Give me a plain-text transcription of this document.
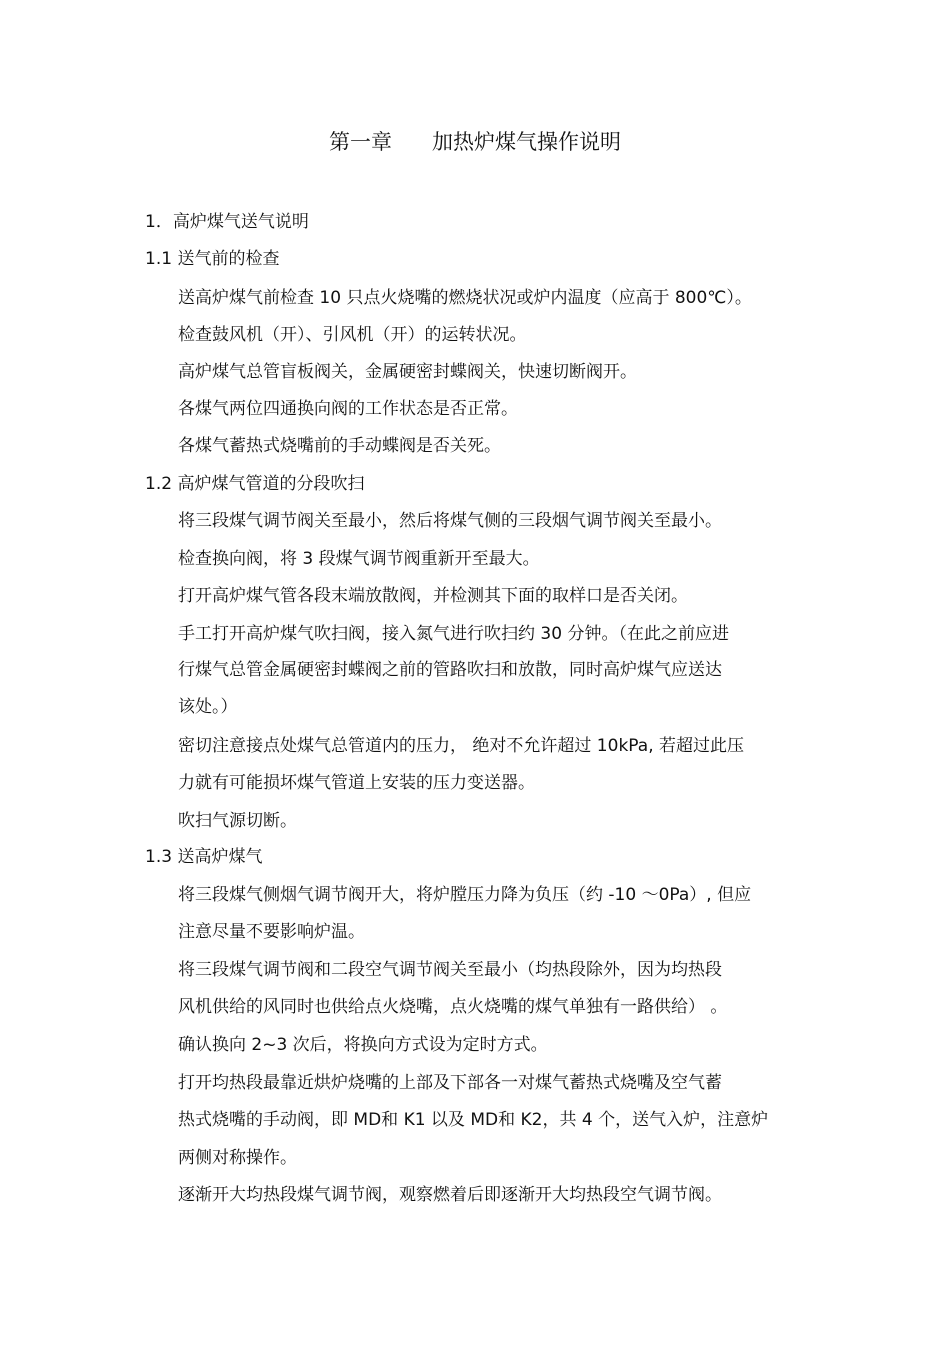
第一章      加热炉煤气操作说明
1．高炉煤气送气说明
1.1 送气前的检查
送高炉煤气前检查 10 只点火烧嘴的燃烧状况或炉内温度（应高于 800℃）。
检查鼓风机（开）、引风机（开）的运转状况。
高炉煤气总管盲板阀关，金属硬密封蝶阀关，快速切断阀开。
各煤气两位四通换向阀的工作状态是否正常。
各煤气蓄热式烧嘴前的手动蝶阀是否关死。
1.2 高炉煤气管道的分段吹扫
将三段煤气调节阀关至最小，然后将煤气侧的三段烟气调节阀关至最小。
检查换向阀，将 3 段煤气调节阀重新开至最大。
打开高炉煤气管各段末端放散阀，并检测其下面的取样口是否关闭。
手工打开高炉煤气吹扫阀，接入氮气进行吹扫约 30 分钟。（在此之前应进
行煤气总管金属硬密封蝶阀之前的管路吹扫和放散，同时高炉煤气应送达
该处。）
密切注意接点处煤气总管道内的压力， 绝对不允许超过 10kPa, 若超过此压
力就有可能损坏煤气管道上安装的压力变送器。
吹扫气源切断。
1.3 送高炉煤气
将三段煤气侧烟气调节阀开大，将炉膛压力降为负压（约 -10 ～0Pa）, 但应
注意尽量不要影响炉温。
将三段煤气调节阀和二段空气调节阀关至最小（均热段除外，因为均热段
风机供给的风同时也供给点火烧嘴，点火烧嘴的煤气单独有一路供给） 。
确认换向 2~3 次后，将换向方式设为定时方式。
打开均热段最靠近烘炉烧嘴的上部及下部各一对煤气蓄热式烧嘴及空气蓄
热式烧嘴的手动阀，即 MD和 K1 以及 MD和 K2，共 4 个，送气入炉，注意炉
两侧对称操作。
逐渐开大均热段煤气调节阀，观察燃着后即逐渐开大均热段空气调节阀。
